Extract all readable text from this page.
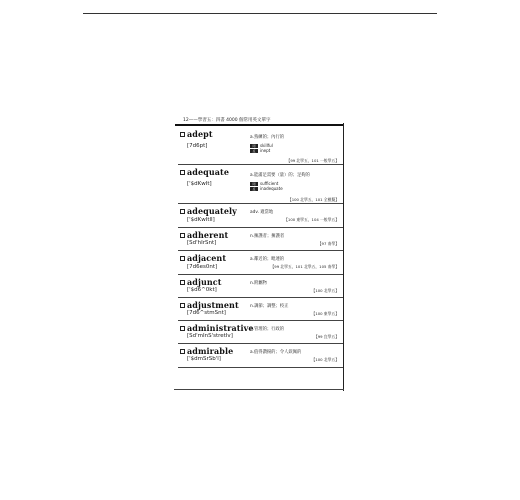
12——學習五：四書 4000 個常用英文單字
adept
[7d6pt]
a.熟練的；內行的
同 skillful
反 inept
【99 北學五，101 一般學五】
adequate
['$dKwIt]
a.能滿足需要（量）的；足夠的
同 sufficient
反 inadequate
【100 北學五，101 全模擬】
adequately
['$dKwItlI]
adv. 適當地
【100 東學五，104 一般學五】
adherent
[Sd'hIrSnt]
n.擁護者；擁護者
【97 南學】
adjacent
[7d6es0nt]
a.鄰近的；毗連的
【99 北學五，101 北學五，105 南學】
adjunct
['$d6^0kt]
n.附屬物
【100 北學五】
adjustment
[7d6^stmSnt]
n.調節；調整；校正
【100 東學五】
administrative
[Sd'mInS'stretIv]
a.管理的；行政的
【99 宜學五】
admirable
['$dmSrSb'l]
a.值得讚揚的；令人欽佩的
【100 北學五】
